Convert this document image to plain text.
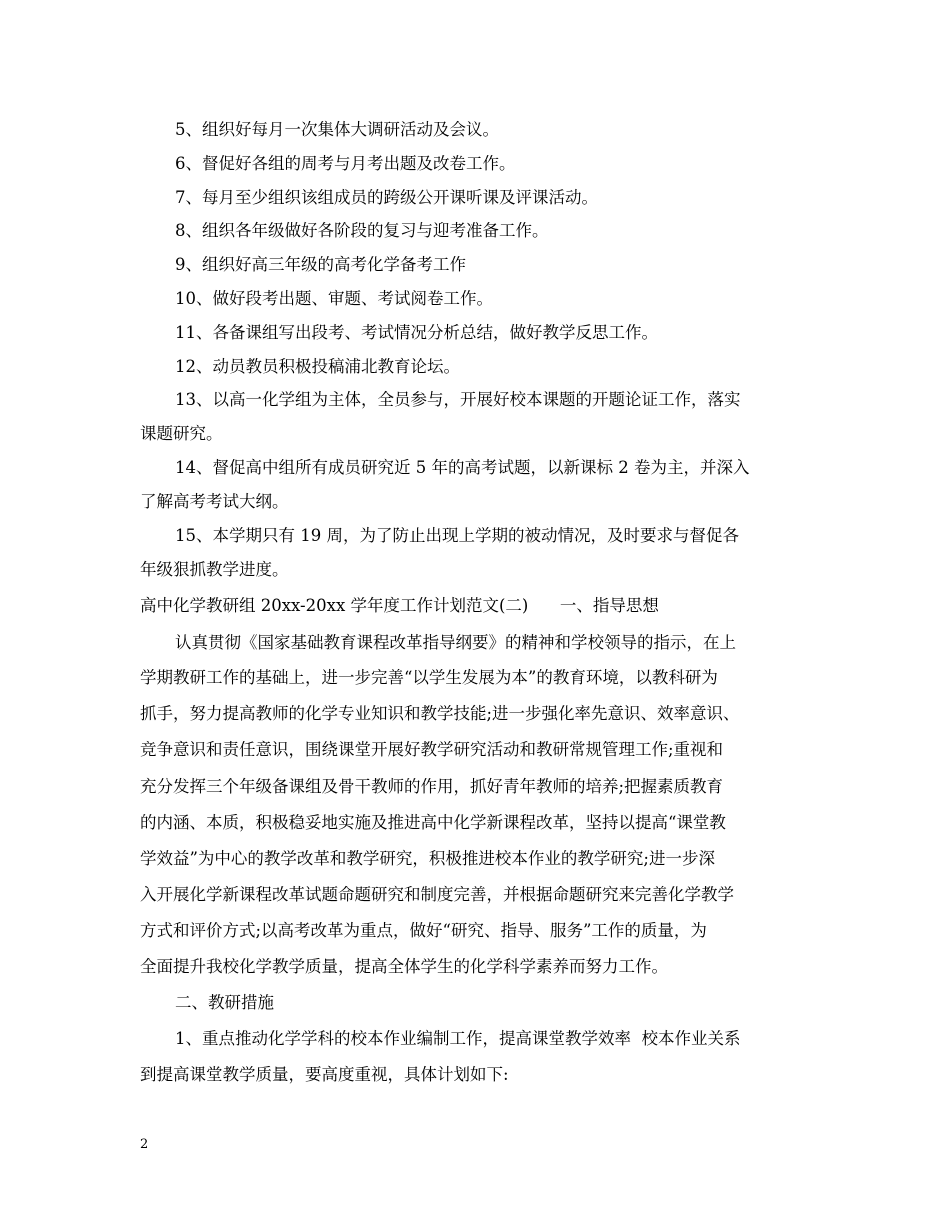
5、组织好每月一次集体大调研活动及会议。
6、督促好各组的周考与月考出题及改卷工作。
7、每月至少组织该组成员的跨级公开课听课及评课活动。
8、组织各年级做好各阶段的复习与迎考准备工作。
9、组织好高三年级的高考化学备考工作
10、做好段考出题、审题、考试阅卷工作。
11、各备课组写出段考、考试情况分析总结，做好教学反思工作。
12、动员教员积极投稿浦北教育论坛。
13、以高一化学组为主体，全员参与，开展好校本课题的开题论证工作，落实
课题研究。
14、督促高中组所有成员研究近 5 年的高考试题，以新课标 2 卷为主，并深入
了解高考考试大纲。
15、本学期只有 19 周，为了防止出现上学期的被动情况，及时要求与督促各
年级狠抓教学进度。
高中化学教研组 20xx-20xx 学年度工作计划范文(二)      一、指导思想
认真贯彻《国家基础教育课程改革指导纲要》的精神和学校领导的指示，在上
学期教研工作的基础上，进一步完善“以学生发展为本”的教育环境，以教科研为
抓手，努力提高教师的化学专业知识和教学技能;进一步强化率先意识、效率意识、
竞争意识和责任意识，围绕课堂开展好教学研究活动和教研常规管理工作;重视和
充分发挥三个年级备课组及骨干教师的作用，抓好青年教师的培养;把握素质教育
的内涵、本质，积极稳妥地实施及推进高中化学新课程改革，坚持以提高“课堂教
学效益”为中心的教学改革和教学研究，积极推进校本作业的教学研究;进一步深
入开展化学新课程改革试题命题研究和制度完善，并根据命题研究来完善化学教学
方式和评价方式;以高考改革为重点，做好“研究、指导、服务”工作的质量，为
全面提升我校化学教学质量，提高全体学生的化学科学素养而努力工作。
二、教研措施
1、重点推动化学学科的校本作业编制工作，提高课堂教学效率  校本作业关系
到提高课堂教学质量，要高度重视，具体计划如下:
2
